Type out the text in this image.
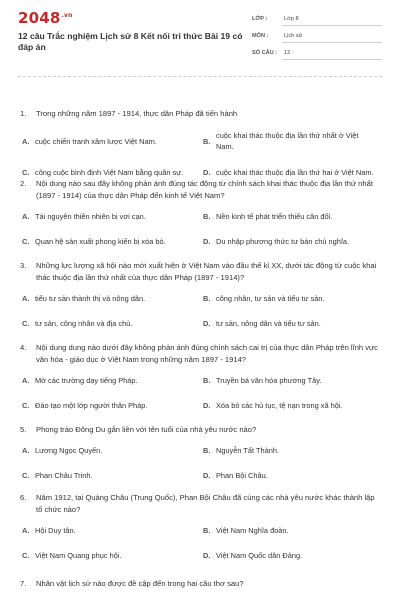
$2048^{.vn}$
12 câu Trắc nghiệm Lịch sử 8 Kết nối tri thức Bài 19 có đáp án
LỚP :	Lớp 8
MÔN :	Lịch sử
SỐ CÂU : 12
1.	Trong những năm 1897 - 1914, thực dân Pháp đã tiến hành
A. cuộc chiến tranh xâm lược Việt Nam.	B.
cuộc khai thác thuộc địa lần thứ nhất ở Việt Nam.
C. công cuộc bình định Việt Nam bằng quân sự.	D. cuộc khai thác thuộc địa lần thứ hai ở Việt Nam.
2.	Nội dung nào sau đây không phản ánh đúng tác động từ chính sách khai thác thuộc địa lần thứ nhất (1897 - 1914) của thực dân Pháp đến kinh tế Việt Nam?
A. Tài nguyên thiên nhiên bị vơi cạn.	B. Nền kinh tế phát triển thiếu cân đối.
C. Quan hệ sản xuất phong kiến bị xóa bỏ.	D. Du nhập phương thức tư bản chủ nghĩa.
3.	Những lực lượng xã hội nào mới xuất hiện ở Việt Nam vào đầu thế kỉ XX, dưới tác động từ cuộc khai thác thuộc địa lần thứ nhất của thực dân Pháp (1897 - 1914)?
A. tiểu tư sản thành thị và nông dân.	B. công nhân, tư sản và tiểu tư sản.
C. tư sản, công nhân và địa chủ.	D. tư sản, nông dân và tiểu tư sản.
4.	Nội dung dung nào dưới đây không phản ánh đúng chính sách cai trị của thực dân Pháp trên lĩnh vực văn hóa - giáo dục ở Việt Nam trong những năm 1897 - 1914?
A. Mở các trường dạy tiếng Pháp.	B. Truyền bá văn hóa phương Tây.
C. Đào tạo một lớp người thân Pháp.	D. Xóa bỏ các hủ tục, tệ nạn trong xã hội.
5.	Phong trào Đông Du gắn liền với tên tuổi của nhà yêu nước nào?
A. Lương Ngọc Quyến.	B. Nguyễn Tất Thành.
C. Phan Châu Trinh.	D. Phan Bội Châu.
6.	Năm 1912, tại Quảng Châu (Trung Quốc), Phan Bội Châu đã cùng các nhà yêu nước khác thành lập tổ chức nào?
A. Hội Duy tân.	B. Việt Nam Nghĩa đoàn.
C. Việt Nam Quang phục hội.	D. Việt Nam Quốc dân Đảng.
7.	Nhân vật lịch sử nào được đề cập đến trong hai câu thơ sau?
